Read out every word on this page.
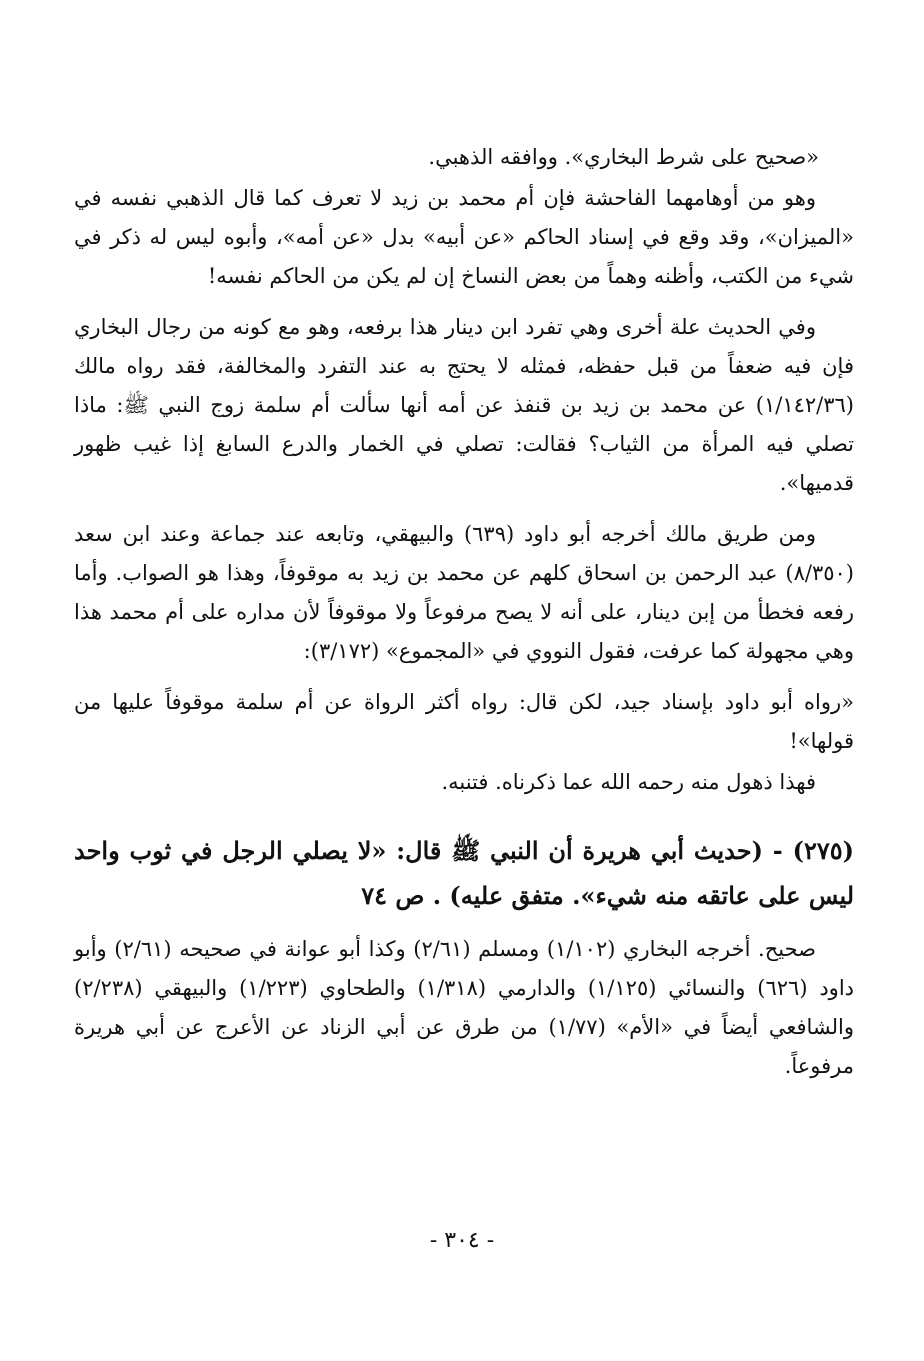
«صحيح على شرط البخاري». ووافقه الذهبي.

وهو من أوهامهما الفاحشة فإن أم محمد بن زيد لا تعرف كما قال الذهبي نفسه في «الميزان»، وقد وقع في إسناد الحاكم «عن أبيه» بدل «عن أمه»، وأبوه ليس له ذكر في شيء من الكتب، وأظنه وهماً من بعض النساخ إن لم يكن من الحاكم نفسه!

وفي الحديث علة أخرى وهي تفرد ابن دينار هذا برفعه، وهو مع كونه من رجال البخاري فإن فيه ضعفاً من قبل حفظه، فمثله لا يحتج به عند التفرد والمخالفة، فقد رواه مالك (١/١٤٢/٣٦) عن محمد بن زيد بن قنفذ عن أمه أنها سألت أم سلمة زوج النبي ﷺ: ماذا تصلي فيه المرأة من الثياب؟ فقالت: تصلي في الخمار والدرع السابغ إذا غيب ظهور قدميها».

ومن طريق مالك أخرجه أبو داود (٦٣٩) والبيهقي، وتابعه عند جماعة وعند ابن سعد (٨/٣٥٠) عبد الرحمن بن اسحاق كلهم عن محمد بن زيد به موقوفاً، وهذا هو الصواب. وأما رفعه فخطأ من إبن دينار، على أنه لا يصح مرفوعاً ولا موقوفاً لأن مداره على أم محمد هذا وهي مجهولة كما عرفت، فقول النووي في «المجموع» (٣/١٧٢):

«رواه أبو داود بإسناد جيد، لكن قال: رواه أكثر الرواة عن أم سلمة موقوفاً عليها من قولها»!

فهذا ذهول منه رحمه الله عما ذكرناه. فتنبه.

(٢٧٥) - (حديث أبي هريرة أن النبي ﷺ قال: «لا يصلي الرجل في ثوب واحد ليس على عاتقه منه شيء». متفق عليه) . ص ٧٤

صحيح. أخرجه البخاري (١/١٠٢) ومسلم (٢/٦١) وكذا أبو عوانة في صحيحه (٢/٦١) وأبو داود (٦٢٦) والنسائي (١/١٢٥) والدارمي (١/٣١٨) والطحاوي (١/٢٢٣) والبيهقي (٢/٢٣٨) والشافعي أيضاً في «الأم» (١/٧٧) من طرق عن أبي الزناد عن الأعرج عن أبي هريرة مرفوعاً.

- ٣٠٤ -
